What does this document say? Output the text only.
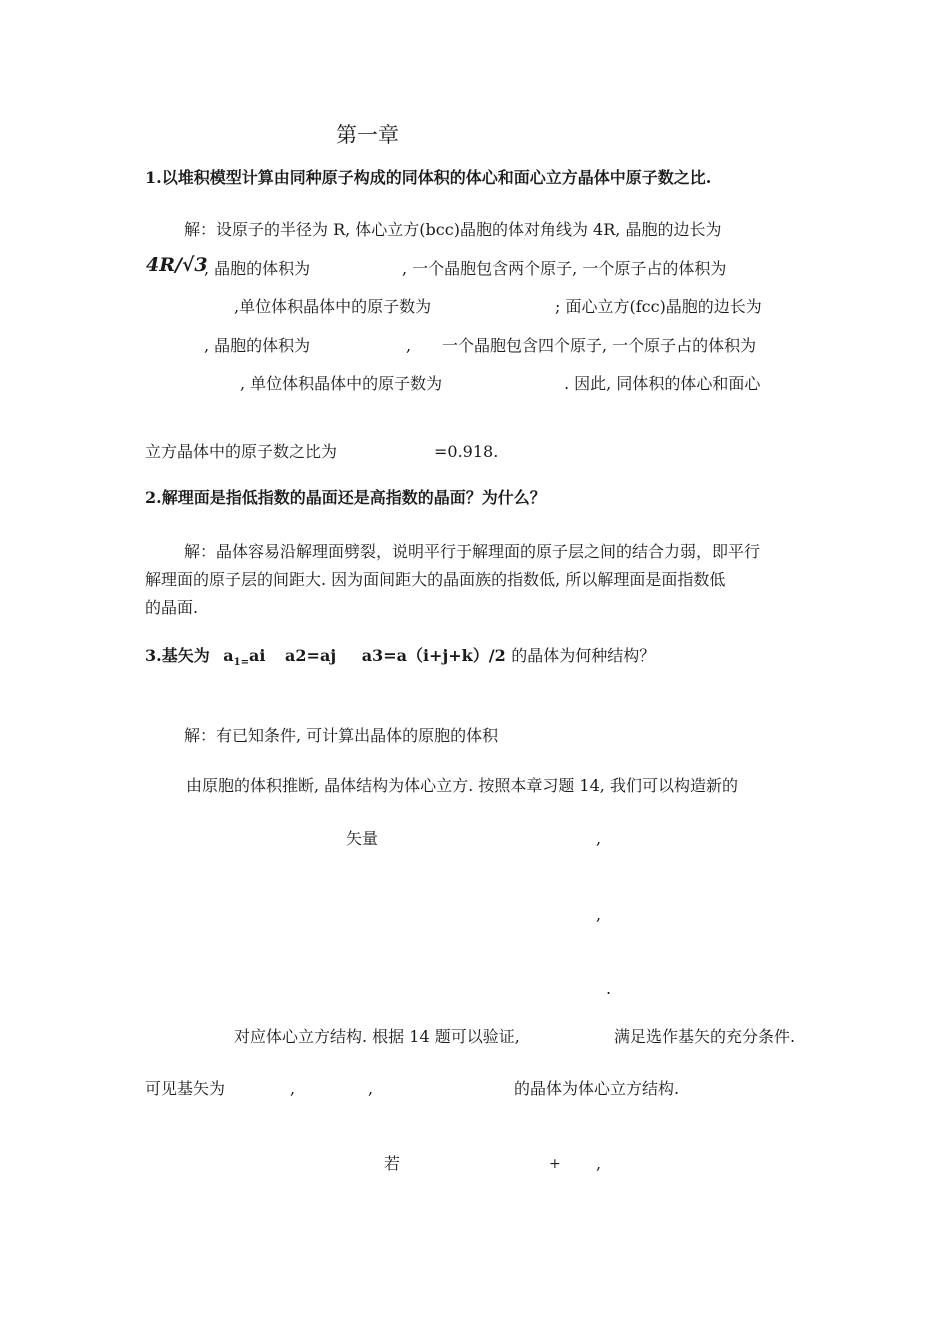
第一章
1.以堆积模型计算由同种原子构成的同体积的体心和面心立方晶体中原子数之比.
解：设原子的半径为 R, 体心立方(bcc)晶胞的体对角线为 4R, 晶胞的边长为
4R/√3
, 晶胞的体积为	, 一个晶胞包含两个原子, 一个原子占的体积为
,单位体积晶体中的原子数为	; 面心立方(fcc)晶胞的边长为
, 晶胞的体积为	, 一个晶胞包含四个原子, 一个原子占的体积为
, 单位体积晶体中的原子数为	. 因此, 同体积的体心和面心
立方晶体中的原子数之比为	=0.918.
2.解理面是指低指数的晶面还是高指数的晶面？为什么？
解：晶体容易沿解理面劈裂，说明平行于解理面的原子层之间的结合力弱，即平行
解理面的原子层的间距大. 因为面间距大的晶面族的指数低, 所以解理面是面指数低
的晶面.
3.基矢为 $a_{1=}ai$ a2=aj a3=a（i+j+k）/2 的晶体为何种结构？
解：有已知条件, 可计算出晶体的原胞的体积
由原胞的体积推断, 晶体结构为体心立方. 按照本章习题 14, 我们可以构造新的
矢量	,
,
.
对应体心立方结构. 根据 14 题可以验证,	满足选作基矢的充分条件.
可见基矢为	,	,	的晶体为体心立方结构.
若	+ ,
